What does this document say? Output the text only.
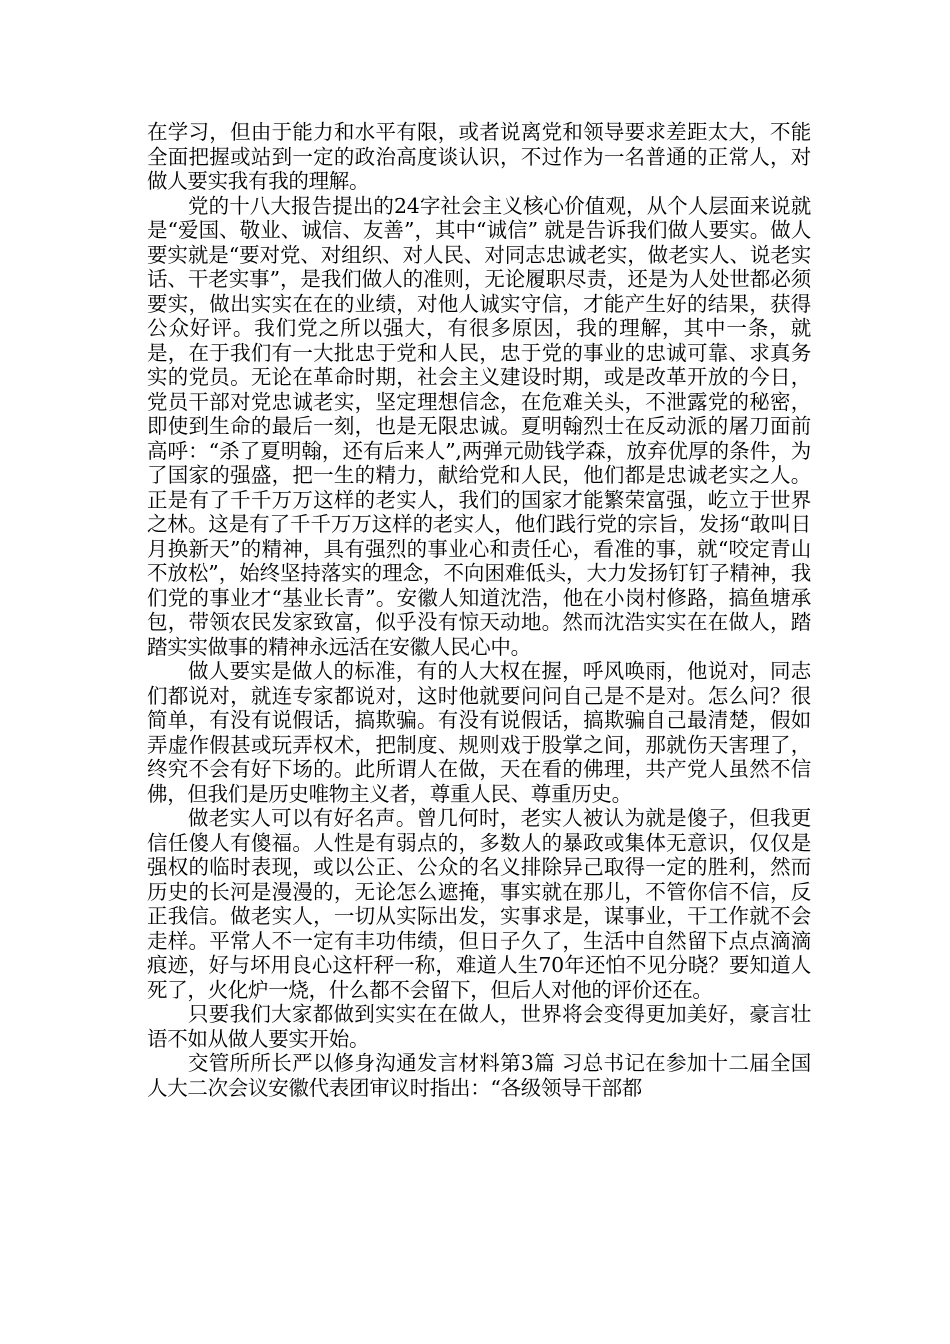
在学习，但由于能力和水平有限，或者说离党和领导要求差距太大，不能全面把握或站到一定的政治高度谈认识，不过作为一名普通的正常人，对做人要实我有我的理解。

党的十八大报告提出的24字社会主义核心价值观，从个人层面来说就是“爱国、敬业、诚信、友善”，其中“诚信” 就是告诉我们做人要实。做人要实就是“要对党、对组织、对人民、对同志忠诚老实，做老实人、说老实话、干老实事”，是我们做人的准则，无论履职尽责，还是为人处世都必须要实，做出实实在在的业绩，对他人诚实守信，才能产生好的结果，获得公众好评。我们党之所以强大，有很多原因，我的理解，其中一条，就是，在于我们有一大批忠于党和人民，忠于党的事业的忠诚可靠、求真务实的党员。无论在革命时期，社会主义建设时期，或是改革开放的今日，党员干部对党忠诚老实，坚定理想信念，在危难关头，不泄露党的秘密，即使到生命的最后一刻，也是无限忠诚。夏明翰烈士在反动派的屠刀面前高呼：“杀了夏明翰，还有后来人”,两弹元勋钱学森，放弃优厚的条件，为了国家的强盛，把一生的精力，献给党和人民，他们都是忠诚老实之人。正是有了千千万万这样的老实人，我们的国家才能繁荣富强，屹立于世界之林。这是有了千千万万这样的老实人，他们践行党的宗旨，发扬“敢叫日月换新天”的精神，具有强烈的事业心和责任心，看准的事，就“咬定青山不放松”，始终坚持落实的理念，不向困难低头，大力发扬钉钉子精神，我们党的事业才“基业长青”。安徽人知道沈浩，他在小岗村修路，搞鱼塘承包，带领农民发家致富，似乎没有惊天动地。然而沈浩实实在在做人，踏踏实实做事的精神永远活在安徽人民心中。

做人要实是做人的标准，有的人大权在握，呼风唤雨，他说对，同志们都说对，就连专家都说对，这时他就要问问自己是不是对。怎么问？很简单，有没有说假话，搞欺骗。有没有说假话，搞欺骗自己最清楚，假如弄虚作假甚或玩弄权术，把制度、规则戏于股掌之间，那就伤天害理了，终究不会有好下场的。此所谓人在做，天在看的佛理，共产党人虽然不信佛，但我们是历史唯物主义者，尊重人民、尊重历史。

做老实人可以有好名声。曾几何时，老实人被认为就是傻子，但我更信任傻人有傻福。人性是有弱点的，多数人的暴政或集体无意识，仅仅是强权的临时表现，或以公正、公众的名义排除异己取得一定的胜利，然而历史的长河是漫漫的，无论怎么遮掩，事实就在那儿，不管你信不信，反正我信。做老实人，一切从实际出发，实事求是，谋事业，干工作就不会走样。平常人不一定有丰功伟绩，但日子久了，生活中自然留下点点滴滴痕迹，好与坏用良心这杆秤一称，难道人生70年还怕不见分晓？要知道人死了，火化炉一烧，什么都不会留下，但后人对他的评价还在。

只要我们大家都做到实实在在做人，世界将会变得更加美好，豪言壮语不如从做人要实开始。

交管所所长严以修身沟通发言材料第3篇 习总书记在参加十二届全国人大二次会议安徽代表团审议时指出：“各级领导干部都
